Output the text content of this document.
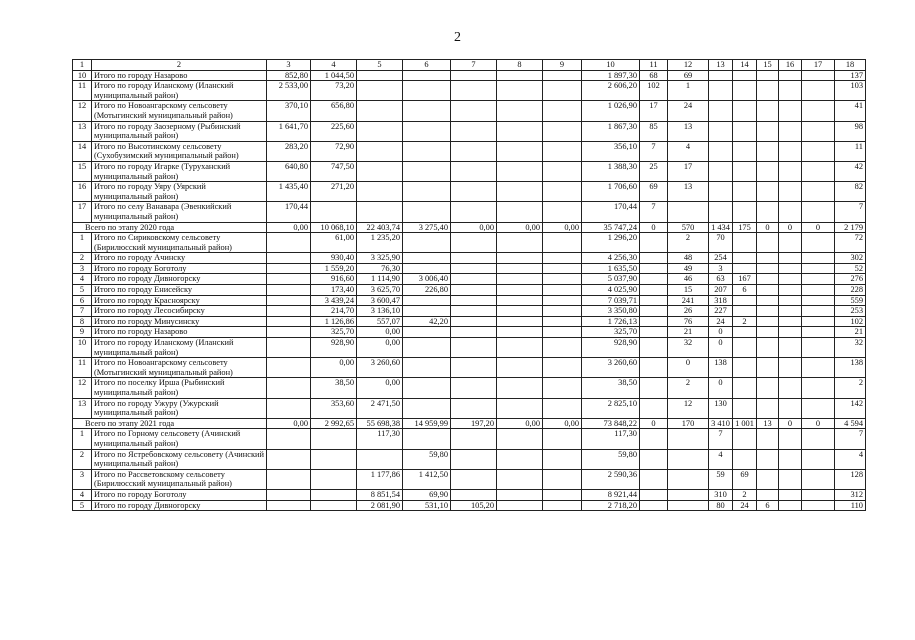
2
1	2	3	4	5	6	7	8	9	10	11	12	13	14	15	16	17	18
10	Итого по городу Назарово	852,80	1 044,50						1 897,30	68	69						137
11	Итого по городу Иланскому (Иланский муниципальный район)	2 533,00	73,20						2 606,20	102	1						103
12	Итого по Новоангарскому сельсовету (Мотыгинский муниципальный район)	370,10	656,80						1 026,90	17	24						41
13	Итого по городу Заозерному (Рыбинский муниципальный район)	1 641,70	225,60						1 867,30	85	13						98
14	Итого по Высотинскому сельсовету (Сухобузимский муниципальный район)	283,20	72,90						356,10	7	4						11
15	Итого по городу Игарке (Туруханский муниципальный район)	640,80	747,50						1 388,30	25	17						42
16	Итого по городу Уяру (Уярский муниципальный район)	1 435,40	271,20						1 706,60	69	13						82
17	Итого по селу Ванавара (Эвенкийский муниципальный район)	170,44							170,44	7							7
Всего по этапу 2020 года		0,00	10 068,10	22 403,74	3 275,40	0,00	0,00	0,00	35 747,24	0	570	1 434	175	0	0	0	2 179
1	Итого по Сириковскому сельсовету (Бирилюсский муниципальный район)		61,00	1 235,20					1 296,20		2	70					72
2	Итого по городу Ачинску		930,40	3 325,90					4 256,30		48	254					302
3	Итого по городу Боготолу		1 559,20	76,30					1 635,50		49	3					52
4	Итого по городу Дивногорску		916,60	1 114,90	3 006,40				5 037,90		46	63	167				276
5	Итого по городу Енисейску		173,40	3 625,70	226,80				4 025,90		15	207	6				228
6	Итого по городу Красноярску		3 439,24	3 600,47					7 039,71		241	318					559
7	Итого по городу Лесосибирску		214,70	3 136,10					3 350,80		26	227					253
8	Итого по городу Минусинску		1 126,86	557,07	42,20				1 726,13		76	24	2				102
9	Итого по городу Назарово		325,70	0,00					325,70		21	0					21
10	Итого по городу Иланскому (Иланский муниципальный район)		928,90	0,00					928,90		32	0					32
11	Итого по Новоангарскому сельсовету (Мотыгинский муниципальный район)		0,00	3 260,60					3 260,60		0	138					138
12	Итого по поселку Ирша (Рыбинский муниципальный район)		38,50	0,00					38,50		2	0					2
13	Итого по городу Ужуру (Ужурский муниципальный район)		353,60	2 471,50					2 825,10		12	130					142
Всего по этапу 2021 года		0,00	2 992,65	55 698,38	14 959,99	197,20	0,00	0,00	73 848,22	0	170	3 410	1 001	13	0	0	4 594
1	Итого по Горному сельсовету (Ачинский муниципальный район)			117,30					117,30			7					7
2	Итого по Ястребовскому сельсовету (Ачинский муниципальный район)				59,80				59,80			4					4
3	Итого по Рассветовскому сельсовету (Бирилюсский муниципальный район)			1 177,86	1 412,50				2 590,36			59	69				128
4	Итого по городу Боготолу			8 851,54	69,90				8 921,44			310	2				312
5	Итого по городу Дивногорску			2 081,90	531,10	105,20			2 718,20			80	24	6			110
